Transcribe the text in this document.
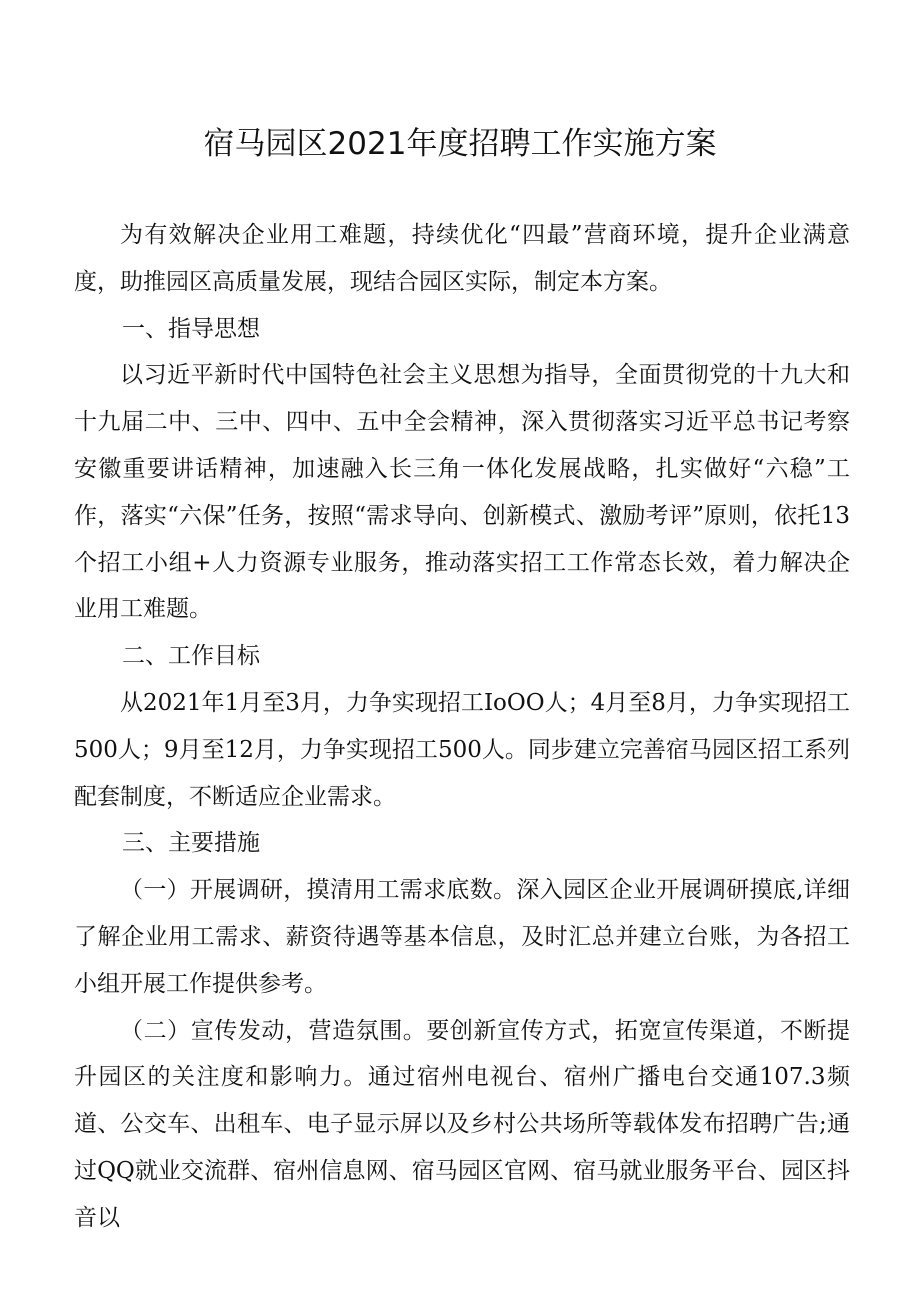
宿马园区2021年度招聘工作实施方案

为有效解决企业用工难题，持续优化“四最”营商环境，提升企业满意度，助推园区高质量发展，现结合园区实际，制定本方案。

一、指导思想

以习近平新时代中国特色社会主义思想为指导，全面贯彻党的十九大和十九届二中、三中、四中、五中全会精神，深入贯彻落实习近平总书记考察安徽重要讲话精神，加速融入长三角一体化发展战略，扎实做好“六稳”工作，落实“六保”任务，按照“需求导向、创新模式、激励考评”原则，依托13个招工小组+人力资源专业服务，推动落实招工工作常态长效，着力解决企业用工难题。

二、工作目标

从2021年1月至3月，力争实现招工IoOO人；4月至8月，力争实现招工500人；9月至12月，力争实现招工500人。同步建立完善宿马园区招工系列配套制度，不断适应企业需求。

三、主要措施

（一）开展调研，摸清用工需求底数。深入园区企业开展调研摸底,详细了解企业用工需求、薪资待遇等基本信息，及时汇总并建立台账，为各招工小组开展工作提供参考。

（二）宣传发动，营造氛围。要创新宣传方式，拓宽宣传渠道，不断提升园区的关注度和影响力。通过宿州电视台、宿州广播电台交通107.3频道、公交车、出租车、电子显示屏以及乡村公共场所等载体发布招聘广告;通过QQ就业交流群、宿州信息网、宿马园区官网、宿马就业服务平台、园区抖音以
